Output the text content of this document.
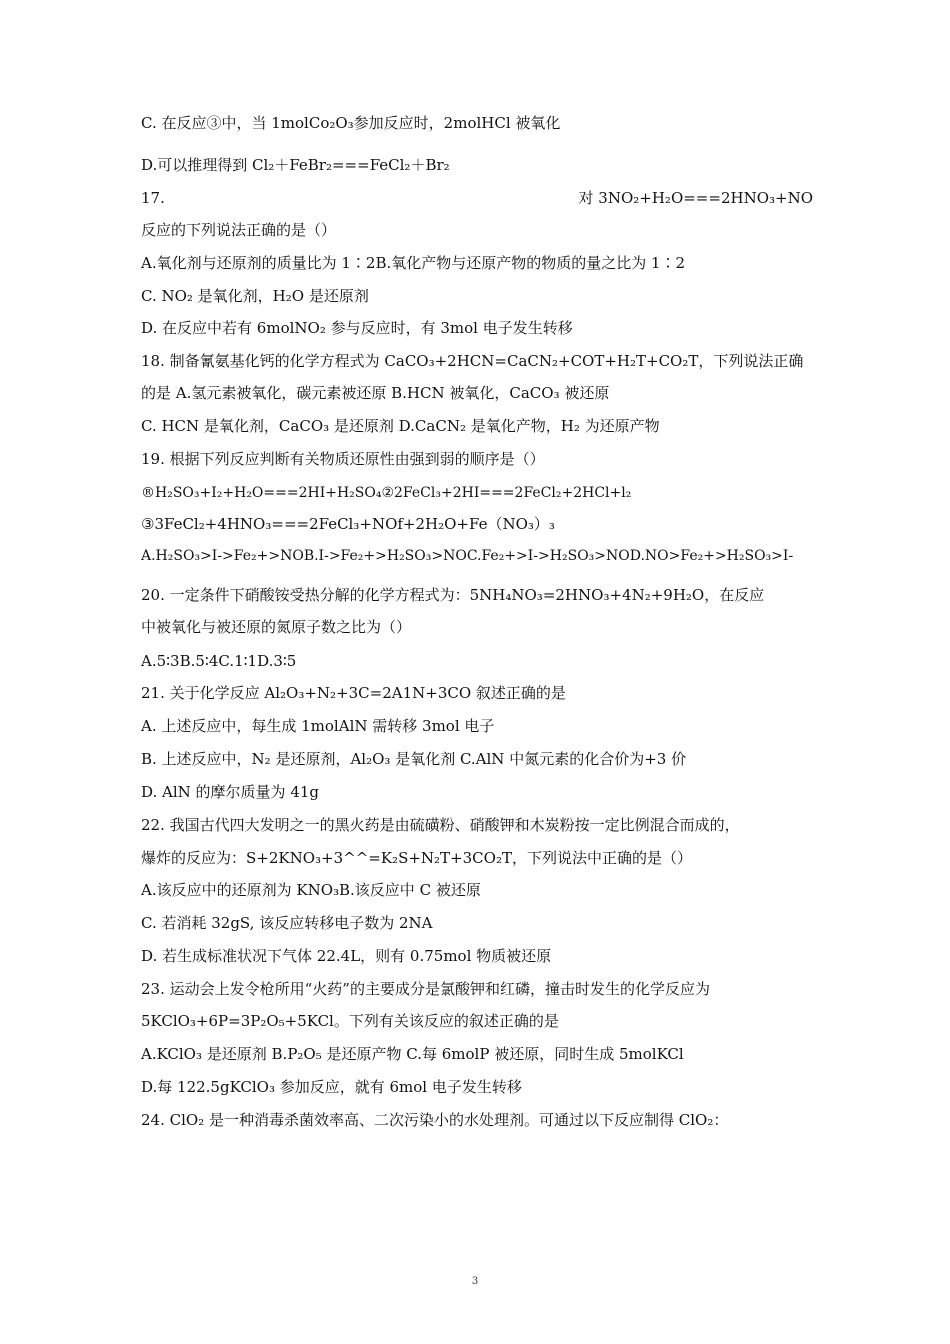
C. 在反应③中，当 1molCo₂O₃参加反应时，2molHCl 被氧化
D.可以推理得到 Cl₂＋FeBr₂===FeCl₂＋Br₂
17.	对 3NO₂+H₂O===2HNO₃+NO
反应的下列说法正确的是（）
A.氧化剂与还原剂的质量比为 1∶2B.氧化产物与还原产物的物质的量之比为 1∶2
C. NO₂ 是氧化剂，H₂O 是还原剂
D. 在反应中若有 6molNO₂ 参与反应时，有 3mol 电子发生转移
18. 制备氰氨基化钙的化学方程式为 CaCO₃+2HCN=CaCN₂+COT+H₂T+CO₂T，下列说法正确
的是 A.氢元素被氧化，碳元素被还原 B.HCN 被氧化，CaCO₃ 被还原
C. HCN 是氧化剂，CaCO₃ 是还原剂 D.CaCN₂ 是氧化产物，H₂ 为还原产物
19. 根据下列反应判断有关物质还原性由强到弱的顺序是（）
®H₂SO₃+I₂+H₂O===2HI+H₂SO₄②2FeCl₃+2HI===2FeCl₂+2HCl+l₂
③3FeCl₂+4HNO₃===2FeCl₃+NOf+2H₂O+Fe（NO₃）₃
A.H₂SO₃>I->Fe₂+>NOB.I->Fe₂+>H₂SO₃>NOC.Fe₂+>I->H₂SO₃>NOD.NO>Fe₂+>H₂SO₃>I-
20. 一定条件下硝酸铵受热分解的化学方程式为：5NH₄NO₃=2HNO₃+4N₂+9H₂O，在反应
中被氧化与被还原的氮原子数之比为（）
A.5∶3B.5∶4C.1∶1D.3∶5
21. 关于化学反应 Al₂O₃+N₂+3C=2A1N+3CO 叙述正确的是
A. 上述反应中，每生成 1molAlN 需转移 3mol 电子
B. 上述反应中，N₂ 是还原剂，Al₂O₃ 是氧化剂 C.AlN 中氮元素的化合价为+3 价
D. AlN 的摩尔质量为 41g
22. 我国古代四大发明之一的黑火药是由硫磺粉、硝酸钾和木炭粉按一定比例混合而成的，
爆炸的反应为：S+2KNO₃+3^^=K₂S+N₂T+3CO₂T，下列说法中正确的是（）
A.该反应中的还原剂为 KNO₃B.该反应中 C 被还原
C. 若消耗 32gS, 该反应转移电子数为 2NA
D. 若生成标准状况下气体 22.4L，则有 0.75mol 物质被还原
23. 运动会上发令枪所用“火药”的主要成分是氯酸钾和红磷，撞击时发生的化学反应为
5KClO₃+6P=3P₂O₅+5KCl。下列有关该反应的叙述正确的是
A.KClO₃ 是还原剂 B.P₂O₅ 是还原产物 C.每 6molP 被还原，同时生成 5molKCl
D.每 122.5gKClO₃ 参加反应，就有 6mol 电子发生转移
24. ClO₂ 是一种消毒杀菌效率高、二次污染小的水处理剂。可通过以下反应制得 ClO₂：
3
